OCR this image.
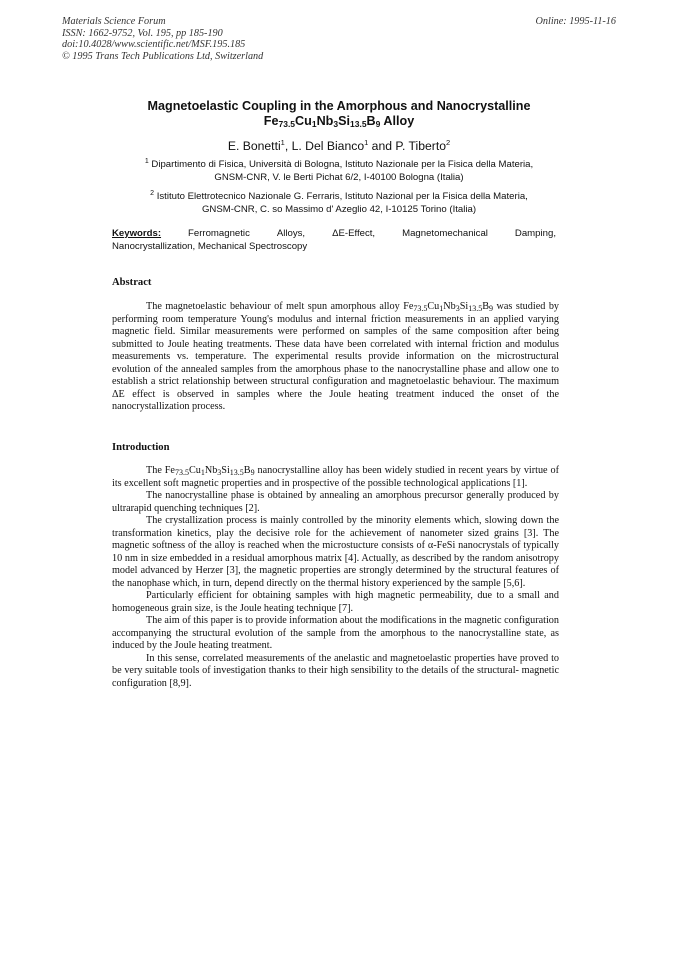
Materials Science Forum
ISSN: 1662-9752, Vol. 195, pp 185-190
doi:10.4028/www.scientific.net/MSF.195.185
© 1995 Trans Tech Publications Ltd, Switzerland
Online: 1995-11-16
Magnetoelastic Coupling in the Amorphous and Nanocrystalline
$Fe_{73.5}Cu_1Nb_3Si_{13.5}B_9$ Alloy
E. Bonetti$^1$, L. Del Bianco$^1$ and P. Tiberto$^2$
$^1$ Dipartimento di Fisica, Università di Bologna, Istituto Nazionale per la Fisica della Materia,
GNSM-CNR, V. le Berti Pichat 6/2, I-40100 Bologna (Italia)
$^2$ Istituto Elettrotecnico Nazionale G. Ferraris, Istituto Nazional per la Fisica della Materia,
GNSM-CNR, C. so Massimo d' Azeglio 42, I-10125 Torino (Italia)
Keywords:	Ferromagnetic	Alloys,	ΔE-Effect,	Magnetomechanical	Damping,
Nanocrystallization, Mechanical Spectroscopy
Abstract

The magnetoelastic behaviour of melt spun amorphous alloy $Fe_{73.5}Cu_1Nb_3Si_{13.5}B_9$ was studied by performing room temperature Young's modulus and internal friction measurements in an applied varying magnetic field. Similar measurements were performed on samples of the same composition after being submitted to Joule heating treatments. These data have been correlated with internal friction and modulus measurements vs. temperature. The experimental results provide information on the microstructural evolution of the annealed samples from the amorphous phase to the nanocrystalline phase and allow one to establish a strict relationship between structural configuration and magnetoelastic behaviour. The maximum ΔE effect is observed in samples where the Joule heating treatment induced the onset of the nanocrystallization process.

Introduction

The $Fe_{73.5}Cu_1Nb_3Si_{13.5}B_9$ nanocrystalline alloy has been widely studied in recent years by virtue of its excellent soft magnetic properties and in prospective of the possible technological applications [1].

The nanocrystalline phase is obtained by annealing an amorphous precursor generally produced by ultrarapid quenching techniques [2].

The crystallization process is mainly controlled by the minority elements which, slowing down the transformation kinetics, play the decisive role for the achievement of nanometer sized grains [3]. The magnetic softness of the alloy is reached when the microstucture consists of α-FeSi nanocrystals of typically 10 nm in size embedded in a residual amorphous matrix [4]. Actually, as described by the random anisotropy model advanced by Herzer [3], the magnetic properties are strongly determined by the structural features of the nanophase which, in turn, depend directly on the thermal history experienced by the sample [5,6].

Particularly efficient for obtaining samples with high magnetic permeability, due to a small and homogeneous grain size, is the Joule heating technique [7].

The aim of this paper is to provide information about the modifications in the magnetic configuration accompanying the structural evolution of the sample from the amorphous to the nanocrystalline state, as induced by the Joule heating treatment.

In this sense, correlated measurements of the anelastic and magnetoelastic properties have proved to be very suitable tools of investigation thanks to their high sensibility to the details of the structural- magnetic configuration [8,9].
